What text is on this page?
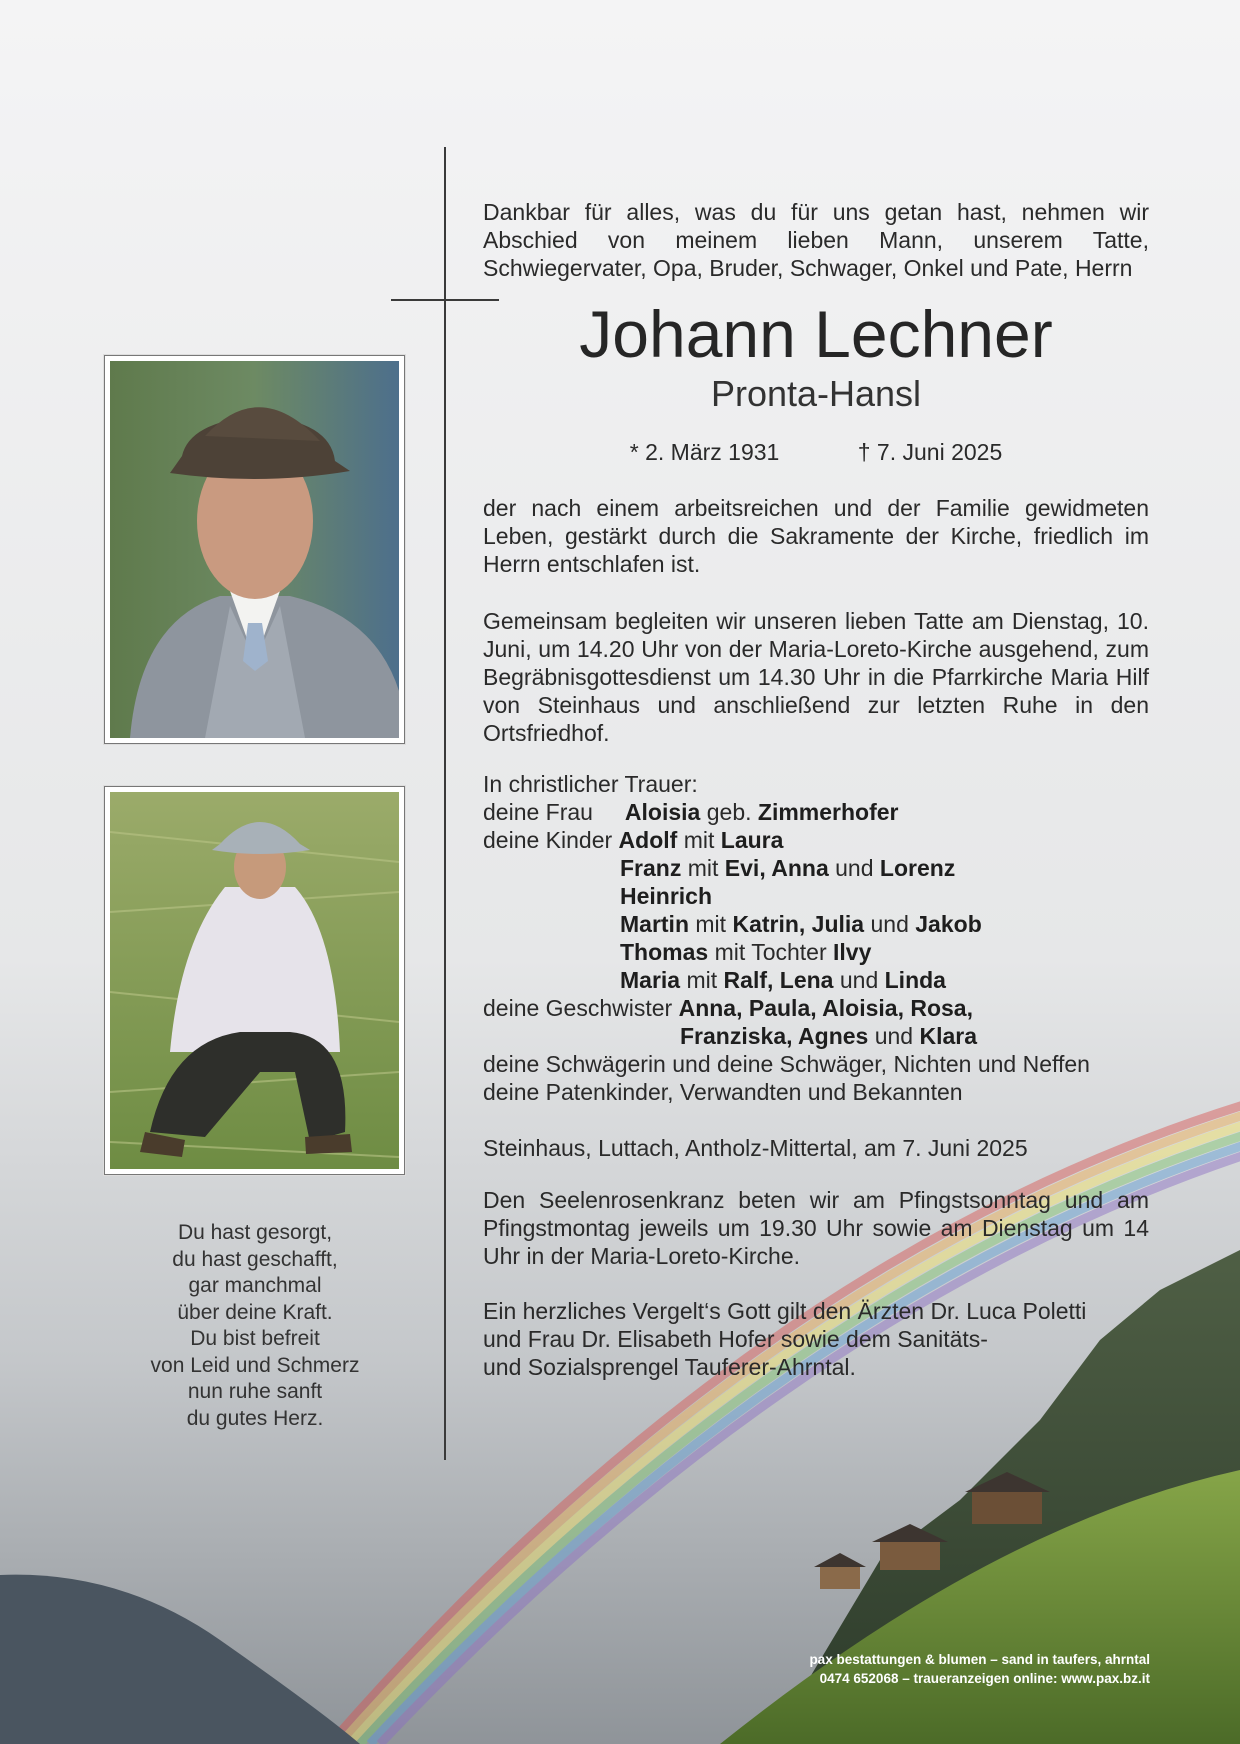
Dankbar für alles, was du für uns getan hast, nehmen wir Abschied von meinem lieben Mann, unserem Tatte, Schwiegervater, Opa, Bruder, Schwager, Onkel und Pate, Herrn
Johann Lechner
Pronta-Hansl
* 2. März 1931	† 7. Juni 2025
der nach einem arbeitsreichen und der Familie gewidmeten Leben, gestärkt durch die Sakramente der Kirche, friedlich im Herrn entschlafen ist.
Gemeinsam begleiten wir unseren lieben Tatte am Dienstag, 10. Juni, um 14.20 Uhr von der Maria-Loreto-Kirche ausgehend, zum Begräbnisgottesdienst um 14.30 Uhr in die Pfarrkirche Maria Hilf von Steinhaus und anschließend zur letzten Ruhe in den Ortsfriedhof.
In christlicher Trauer:
deine Frau Aloisia geb. Zimmerhofer
deine Kinder Adolf mit Laura
Franz mit Evi, Anna und Lorenz
Heinrich
Martin mit Katrin, Julia und Jakob
Thomas mit Tochter Ilvy
Maria mit Ralf, Lena und Linda
deine Geschwister Anna, Paula, Aloisia, Rosa,
Franziska, Agnes und Klara
deine Schwägerin und deine Schwäger, Nichten und Neffen
deine Patenkinder, Verwandten und Bekannten
Steinhaus, Luttach, Antholz-Mittertal, am 7. Juni 2025
Den Seelenrosenkranz beten wir am Pfingstsonntag und am Pfingstmontag jeweils um 19.30 Uhr sowie am Dienstag um 14 Uhr in der Maria-Loreto-Kirche.
Ein herzliches Vergelt‘s Gott gilt den Ärzten Dr. Luca Poletti
und Frau Dr. Elisabeth Hofer sowie dem Sanitäts-
und Sozialsprengel Tauferer-Ahrntal.
Du hast gesorgt,
du hast geschafft,
gar manchmal
über deine Kraft.
Du bist befreit
von Leid und Schmerz
nun ruhe sanft
du gutes Herz.
pax bestattungen & blumen – sand in taufers, ahrntal
0474 652068 – traueranzeigen online: www.pax.bz.it
